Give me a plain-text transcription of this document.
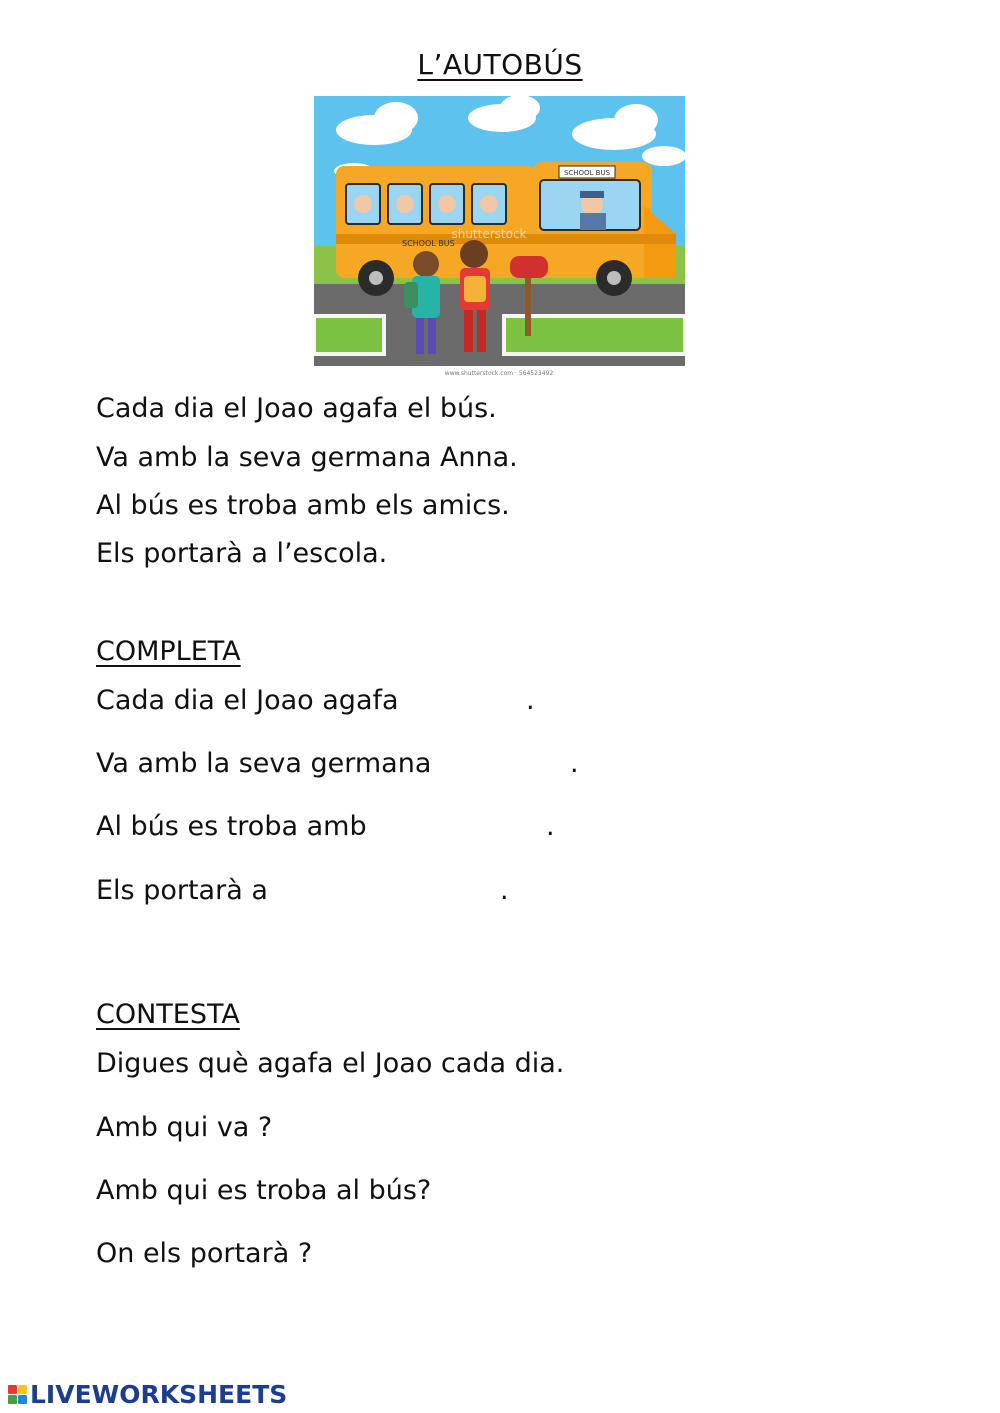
L’AUTOBÚS
SCHOOL BUS
SCHOOL BUS
shutterstock
www.shutterstock.com · 564523492
Cada dia el Joao agafa el bús.
Va amb la seva germana Anna.
Al bús es troba amb els amics.
Els portarà a l’escola.
COMPLETA
Cada dia el Joao agafa	.
Va amb la seva germana	.
Al bús es troba amb	.
Els portarà a	.
CONTESTA
Digues què agafa el Joao cada dia.
Amb qui va ?
Amb qui es troba al bús?
On els portarà ?
LIVEWORKSHEETS
